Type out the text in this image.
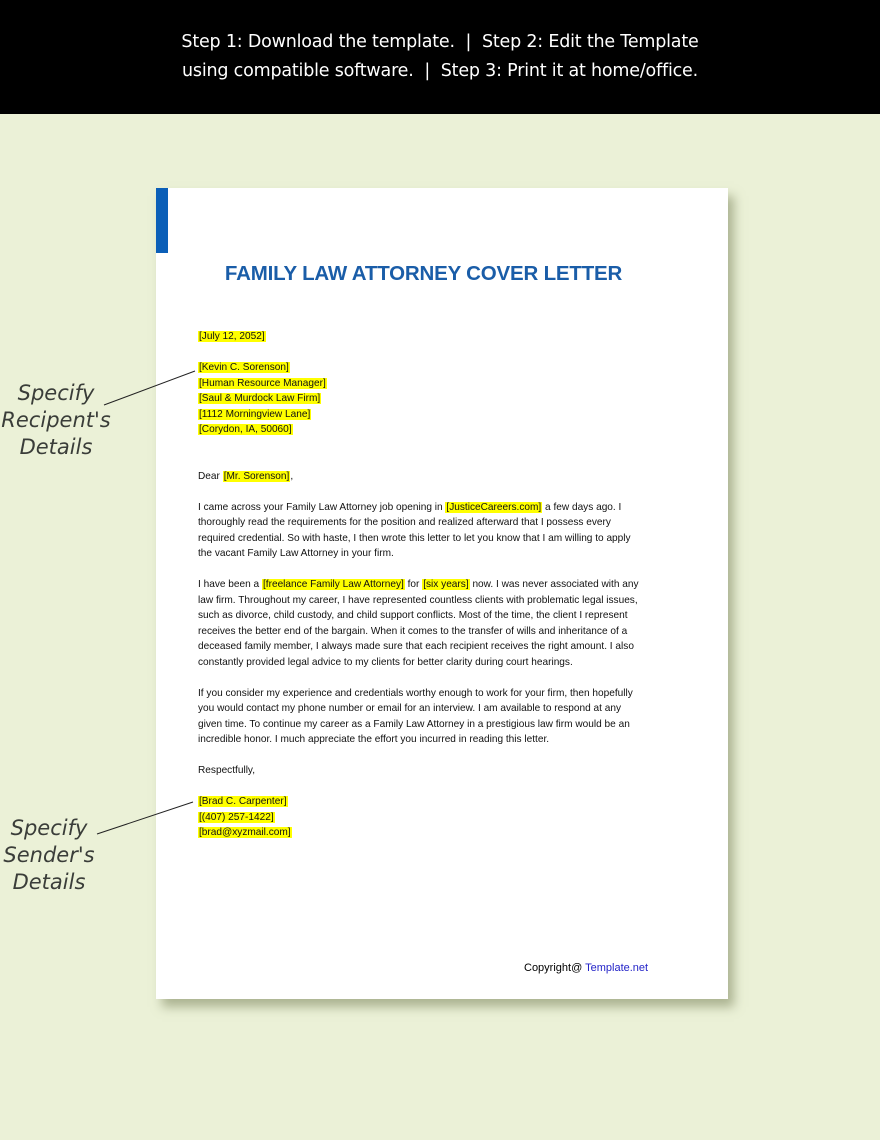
Step 1: Download the template.  |  Step 2: Edit the Template
using compatible software.  |  Step 3: Print it at home/office.
Specify
Recipent's
Details
Specify
Sender's
Details
FAMILY LAW ATTORNEY COVER LETTER
[July 12, 2052]
[Kevin C. Sorenson]
[Human Resource Manager]
[Saul & Murdock Law Firm]
[1112 Morningview Lane]
[Corydon, IA, 50060]
Dear [Mr. Sorenson],
I came across your Family Law Attorney job opening in [JusticeCareers.com] a few days ago. I
thoroughly read the requirements for the position and realized afterward that I possess every
required credential. So with haste, I then wrote this letter to let you know that I am willing to apply
the vacant Family Law Attorney in your firm.
I have been a [freelance Family Law Attorney] for [six years] now. I was never associated with any
law firm. Throughout my career, I have represented countless clients with problematic legal issues,
such as divorce, child custody, and child support conflicts. Most of the time, the client I represent
receives the better end of the bargain. When it comes to the transfer of wills and inheritance of a
deceased family member, I always made sure that each recipient receives the right amount. I also
constantly provided legal advice to my clients for better clarity during court hearings.
If you consider my experience and credentials worthy enough to work for your firm, then hopefully
you would contact my phone number or email for an interview. I am available to respond at any
given time. To continue my career as a Family Law Attorney in a prestigious law firm would be an
incredible honor. I much appreciate the effort you incurred in reading this letter.
Respectfully,
[Brad C. Carpenter]
[(407) 257-1422]
[brad@xyzmail.com]
Copyright@ Template.net
